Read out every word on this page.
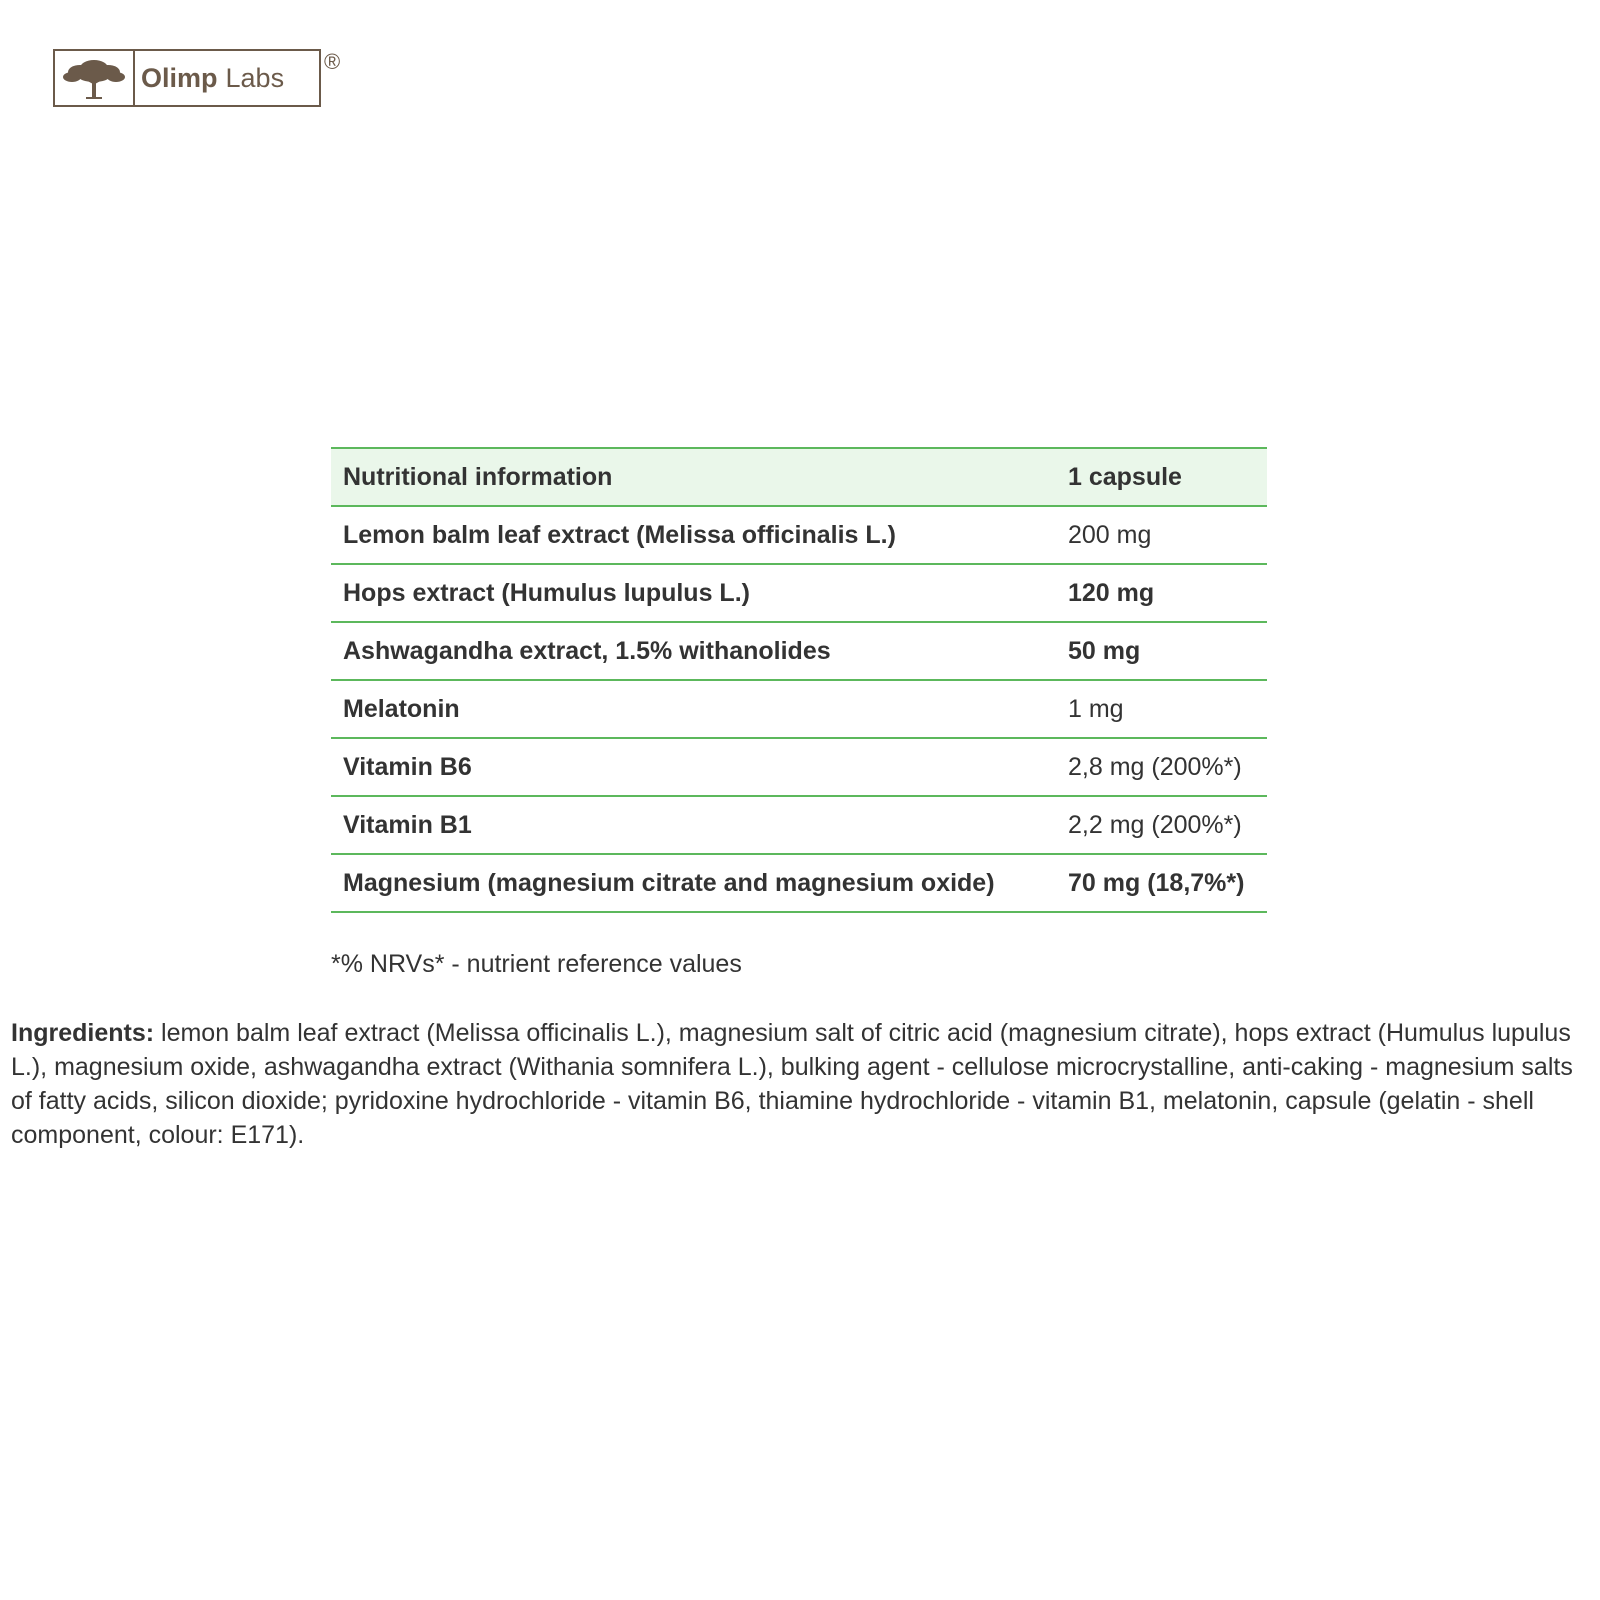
Olimp Labs
®
Nutritional information	1 capsule
Lemon balm leaf extract (Melissa officinalis L.)	200 mg
Hops extract (Humulus lupulus L.)	120 mg
Ashwagandha extract, 1.5% withanolides	50 mg
Melatonin	1 mg
Vitamin B6	2,8 mg (200%*)
Vitamin B1	2,2 mg (200%*)
Magnesium (magnesium citrate and magnesium oxide)	70 mg (18,7%*)
*% NRVs* - nutrient reference values
Ingredients: lemon balm leaf extract (Melissa officinalis L.), magnesium salt of citric acid (magnesium citrate), hops extract (Humulus lupulus L.), magnesium oxide, ashwagandha extract (Withania somnifera L.), bulking agent - cellulose microcrystalline, anti-caking - magnesium salts of fatty acids, silicon dioxide; pyridoxine hydrochloride - vitamin B6, thiamine hydrochloride - vitamin B1, melatonin, capsule (gelatin - shell component, colour: E171).
